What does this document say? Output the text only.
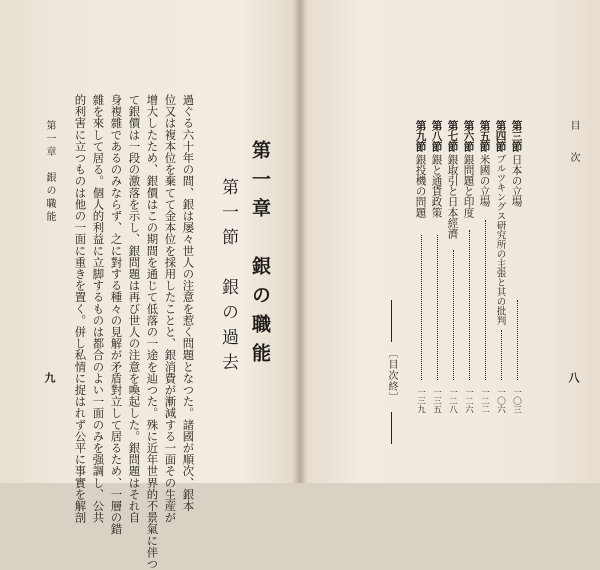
第一章　銀の職能
第一節　銀の過去
過ぐる六十年の間、銀は屡々世人の注意を惹く問題となつた。諸國が順次、銀本
位又は複本位を棄てて金本位を採用したことと、銀消費が漸減する一面その生産が
增大したため、銀價はこの期間を通じて低落の一途を辿つた。殊に近年世界的不景氣に伴つ
て銀價は一段の激落を示し、銀問題は再び世人の注意を喚起した。銀問題はそれ自
身複雜であるのみならず、之に對する種々の見解が矛盾對立して居るため、一層の錯
雜を來して居る。個人的利益に立脚するものは都合のよい一面のみを强調し、公共
的利害に立つものは他の一面に重きを置く。併し私情に捉はれず公平に事實を解剖
第一章　銀の職能
九
目　次
八
第三節
日本の立場
一〇三
第四節
ブルツキングス研究所の主張と其の批判
一〇六
第五節
米國の立場
一二二
第六節
銀問題と印度
一二六
第七節
銀取引と日本經濟
一二八
第八節
銀と通貨政策
一三五
第九節
銀投機の問題
一三九
〔目次終〕
